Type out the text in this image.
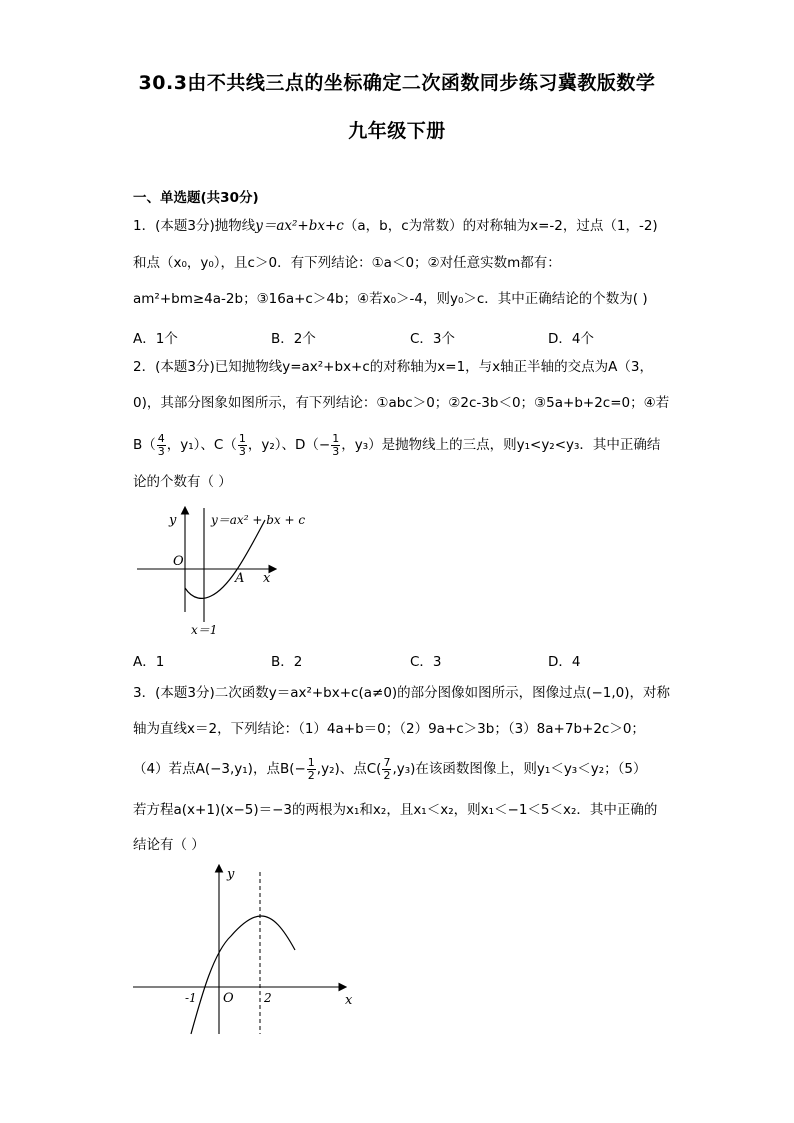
30.3由不共线三点的坐标确定二次函数同步练习冀教版数学
九年级下册
一、单选题(共30分)
1．(本题3分)抛物线y＝ax²+bx+c（a，b，c为常数）的对称轴为x=-2，过点（1，-2)
和点（x₀，y₀），且c＞0．有下列结论：①a＜0；②对任意实数m都有：
am²+bm≥4a-2b；③16a+c＞4b；④若x₀＞-4，则y₀＞c．其中正确结论的个数为( )
A．1个	B．2个	C．3个	D．4个
2．(本题3分)已知抛物线y=ax²+bx+c的对称轴为x=1，与x轴正半轴的交点为A（3，
0)，其部分图象如图所示，有下列结论：①abc＞0；②2c-3b＜0；③5a+b+2c=0；④若
$B( \frac{4}{3}$ ，y₁）、$C( \frac{1}{3}$ ，y₂）、$D(- \frac{1}{3}$ ，y₃）是抛物线上的三点，则y₁<y₂<y₃．其中正确结
论的个数有（ ）
y	y＝ax² + bx + c
O
A x
x＝1
A．1	B．2	C．3	D．4
3．(本题3分)二次函数y＝ax²+bx+c(a≠0)的部分图像如图所示，图像过点(−1,0)，对称
轴为直线x＝2，下列结论：（1）4a+b＝0；（2）9a+c＞3b；（3）8a+7b+2c＞0；
（4）若点A(−3,y₁)，点$B(- \frac{1}{2} ,y_2)$、点$C( \frac{7}{2} ,y_3)$在该函数图像上，则y₁＜y₃＜y₂；（5）
若方程a(x+1)(x−5)＝−3的两根为x₁和x₂，且x₁＜x₂，则x₁＜−1＜5＜x₂．其中正确的
结论有（ ）
y
x
-1 O	2
